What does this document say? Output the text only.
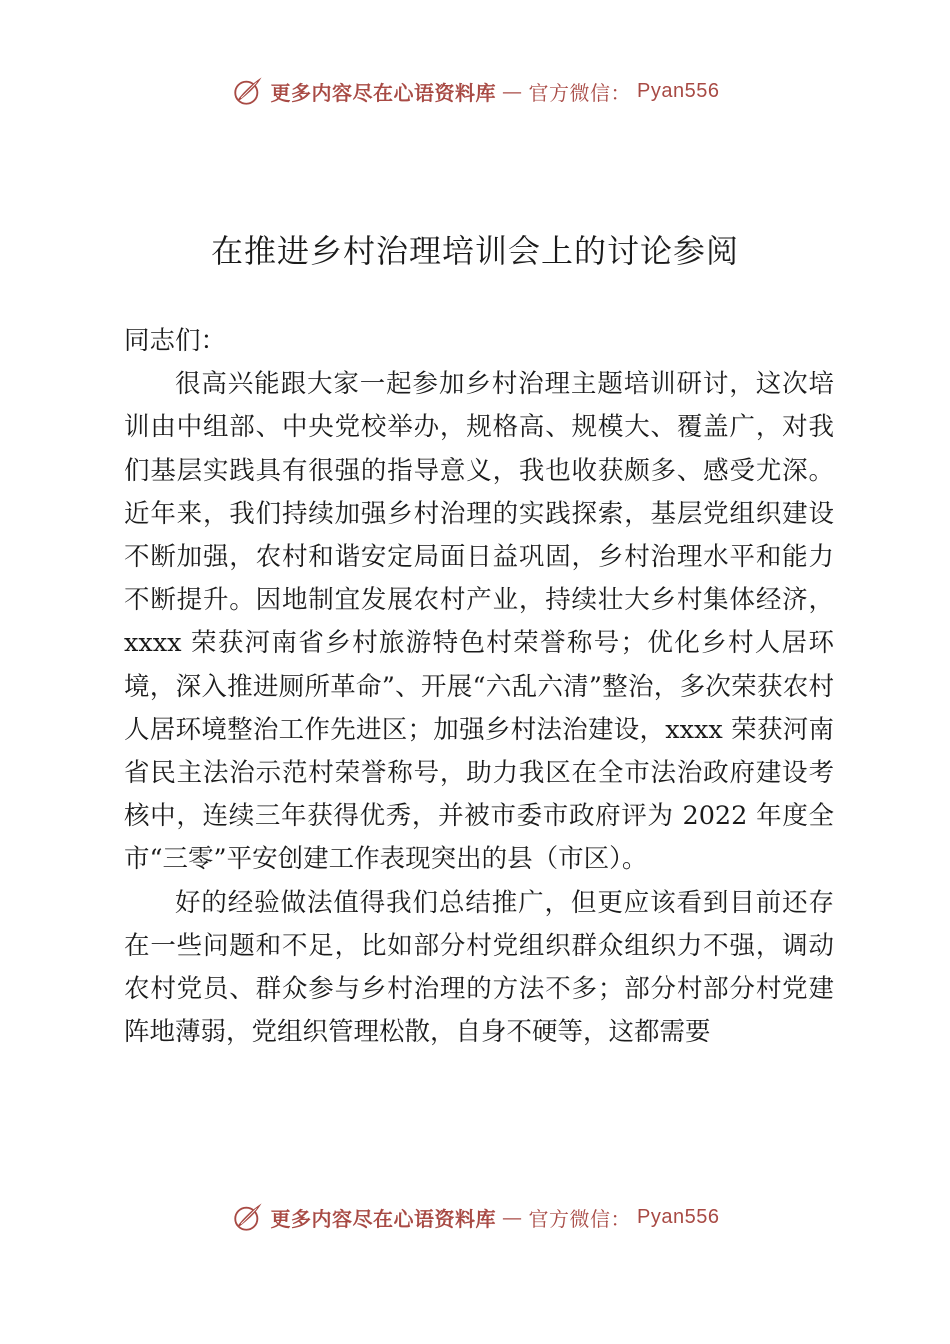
更多内容尽在心语资料库 — 官方微信： Pyan556
在推进乡村治理培训会上的讨论参阅

同志们：

很高兴能跟大家一起参加乡村治理主题培训研讨，这次培训由中组部、中央党校举办，规格高、规模大、覆盖广，对我们基层实践具有很强的指导意义，我也收获颇多、感受尤深。近年来，我们持续加强乡村治理的实践探索，基层党组织建设不断加强，农村和谐安定局面日益巩固，乡村治理水平和能力不断提升。因地制宜发展农村产业，持续壮大乡村集体经济，xxxx 荣获河南省乡村旅游特色村荣誉称号；优化乡村人居环境，深入推进厕所革命”、开展“六乱六清”整治，多次荣获农村人居环境整治工作先进区；加强乡村法治建设，xxxx 荣获河南省民主法治示范村荣誉称号，助力我区在全市法治政府建设考核中，连续三年获得优秀，并被市委市政府评为 2022 年度全市“三零”平安创建工作表现突出的县（市区）。

好的经验做法值得我们总结推广，但更应该看到目前还存在一些问题和不足，比如部分村党组织群众组织力不强，调动农村党员、群众参与乡村治理的方法不多；部分村部分村党建阵地薄弱，党组织管理松散，自身不硬等，这都需要

更多内容尽在心语资料库 — 官方微信： Pyan556
